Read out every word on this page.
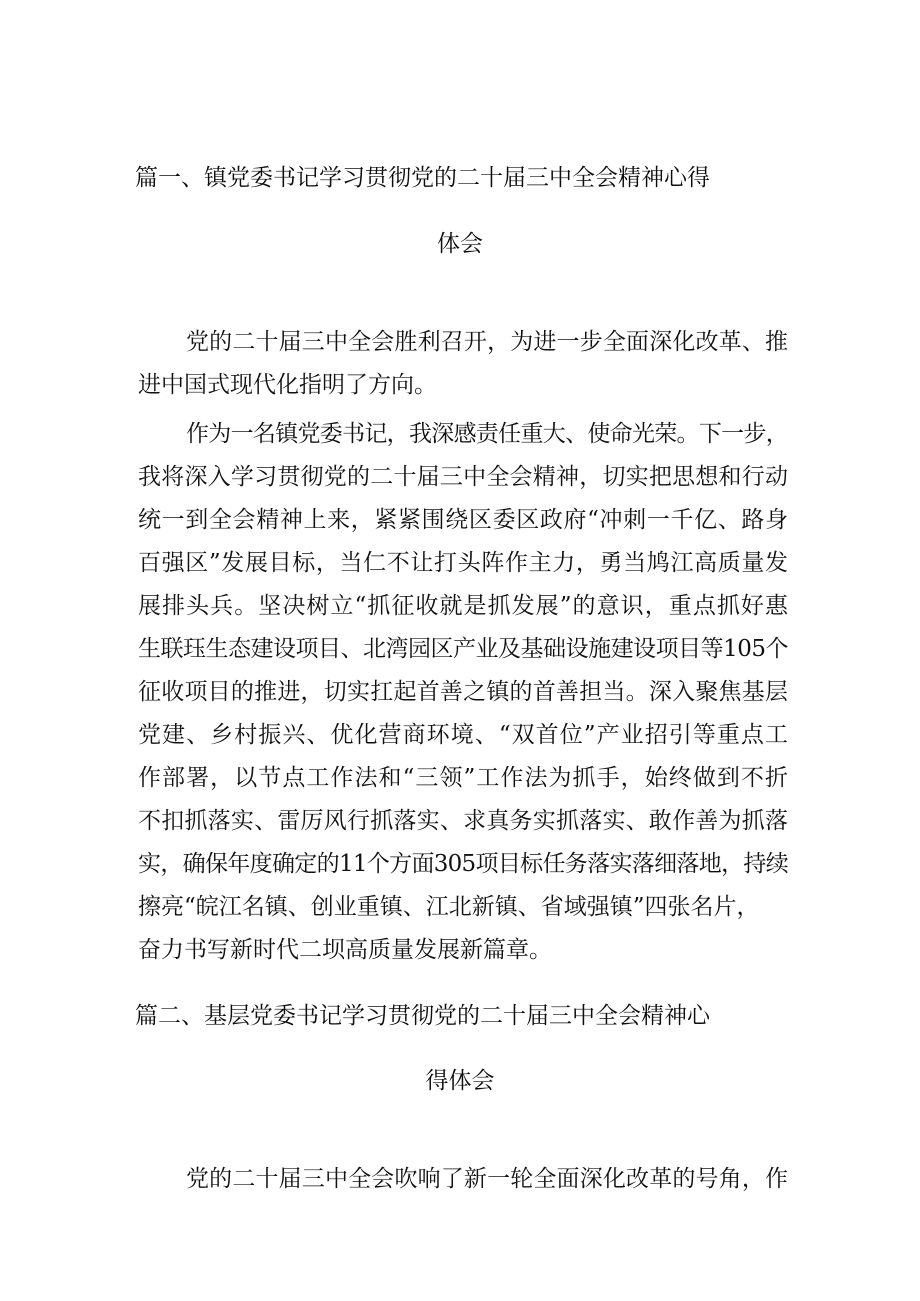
篇一、镇党委书记学习贯彻党的二十届三中全会精神心得
体会
党的二十届三中全会胜利召开，为进一步全面深化改革、推
进中国式现代化指明了方向。
作为一名镇党委书记，我深感责任重大、使命光荣。下一步，
我将深入学习贯彻党的二十届三中全会精神，切实把思想和行动
统一到全会精神上来，紧紧围绕区委区政府“冲刺一千亿、路身
百强区”发展目标，当仁不让打头阵作主力，勇当鸠江高质量发
展排头兵。坚决树立“抓征收就是抓发展”的意识，重点抓好惠
生联珏生态建设项目、北湾园区产业及基础设施建设项目等105个
征收项目的推进，切实扛起首善之镇的首善担当。深入聚焦基层
党建、乡村振兴、优化营商环境、“双首位”产业招引等重点工
作部署，以节点工作法和“三领”工作法为抓手，始终做到不折
不扣抓落实、雷厉风行抓落实、求真务实抓落实、敢作善为抓落
实，确保年度确定的11个方面305项目标任务落实落细落地，持续
擦亮“皖江名镇、创业重镇、江北新镇、省域强镇”四张名片，
奋力书写新时代二坝高质量发展新篇章。
篇二、基层党委书记学习贯彻党的二十届三中全会精神心
得体会
党的二十届三中全会吹响了新一轮全面深化改革的号角，作
